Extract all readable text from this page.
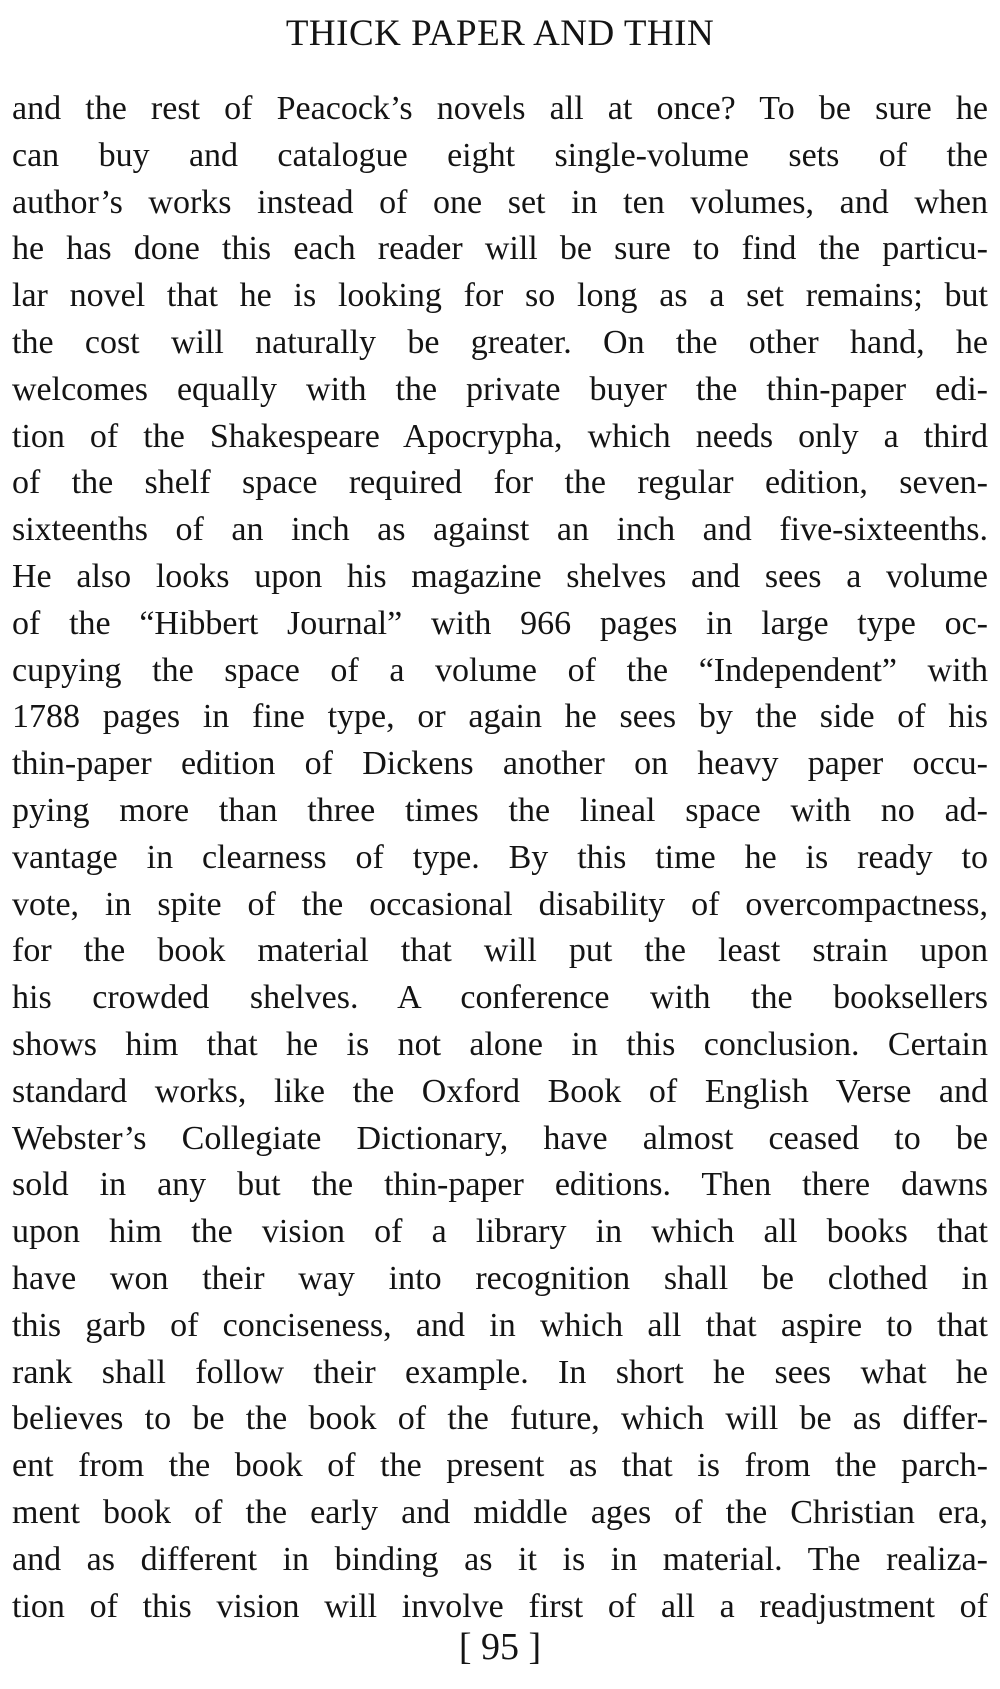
THICK PAPER AND THIN
and the rest of Peacock’s novels all at once? To be sure he
can buy and catalogue eight single-volume sets of the
author’s works instead of one set in ten volumes, and when
he has done this each reader will be sure to find the particu-
lar novel that he is looking for so long as a set remains; but
the cost will naturally be greater. On the other hand, he
welcomes equally with the private buyer the thin-paper edi-
tion of the Shakespeare Apocrypha, which needs only a third
of the shelf space required for the regular edition, seven-
sixteenths of an inch as against an inch and five-sixteenths.
He also looks upon his magazine shelves and sees a volume
of the “Hibbert Journal” with 966 pages in large type oc-
cupying the space of a volume of the “Independent” with
1788 pages in fine type, or again he sees by the side of his
thin-paper edition of Dickens another on heavy paper occu-
pying more than three times the lineal space with no ad-
vantage in clearness of type. By this time he is ready to
vote, in spite of the occasional disability of overcompactness,
for the book material that will put the least strain upon
his crowded shelves. A conference with the booksellers
shows him that he is not alone in this conclusion. Certain
standard works, like the Oxford Book of English Verse and
Webster’s Collegiate Dictionary, have almost ceased to be
sold in any but the thin-paper editions. Then there dawns
upon him the vision of a library in which all books that
have won their way into recognition shall be clothed in
this garb of conciseness, and in which all that aspire to that
rank shall follow their example. In short he sees what he
believes to be the book of the future, which will be as differ-
ent from the book of the present as that is from the parch-
ment book of the early and middle ages of the Christian era,
and as different in binding as it is in material. The realiza-
tion of this vision will involve first of all a readjustment of
[ 95 ]
